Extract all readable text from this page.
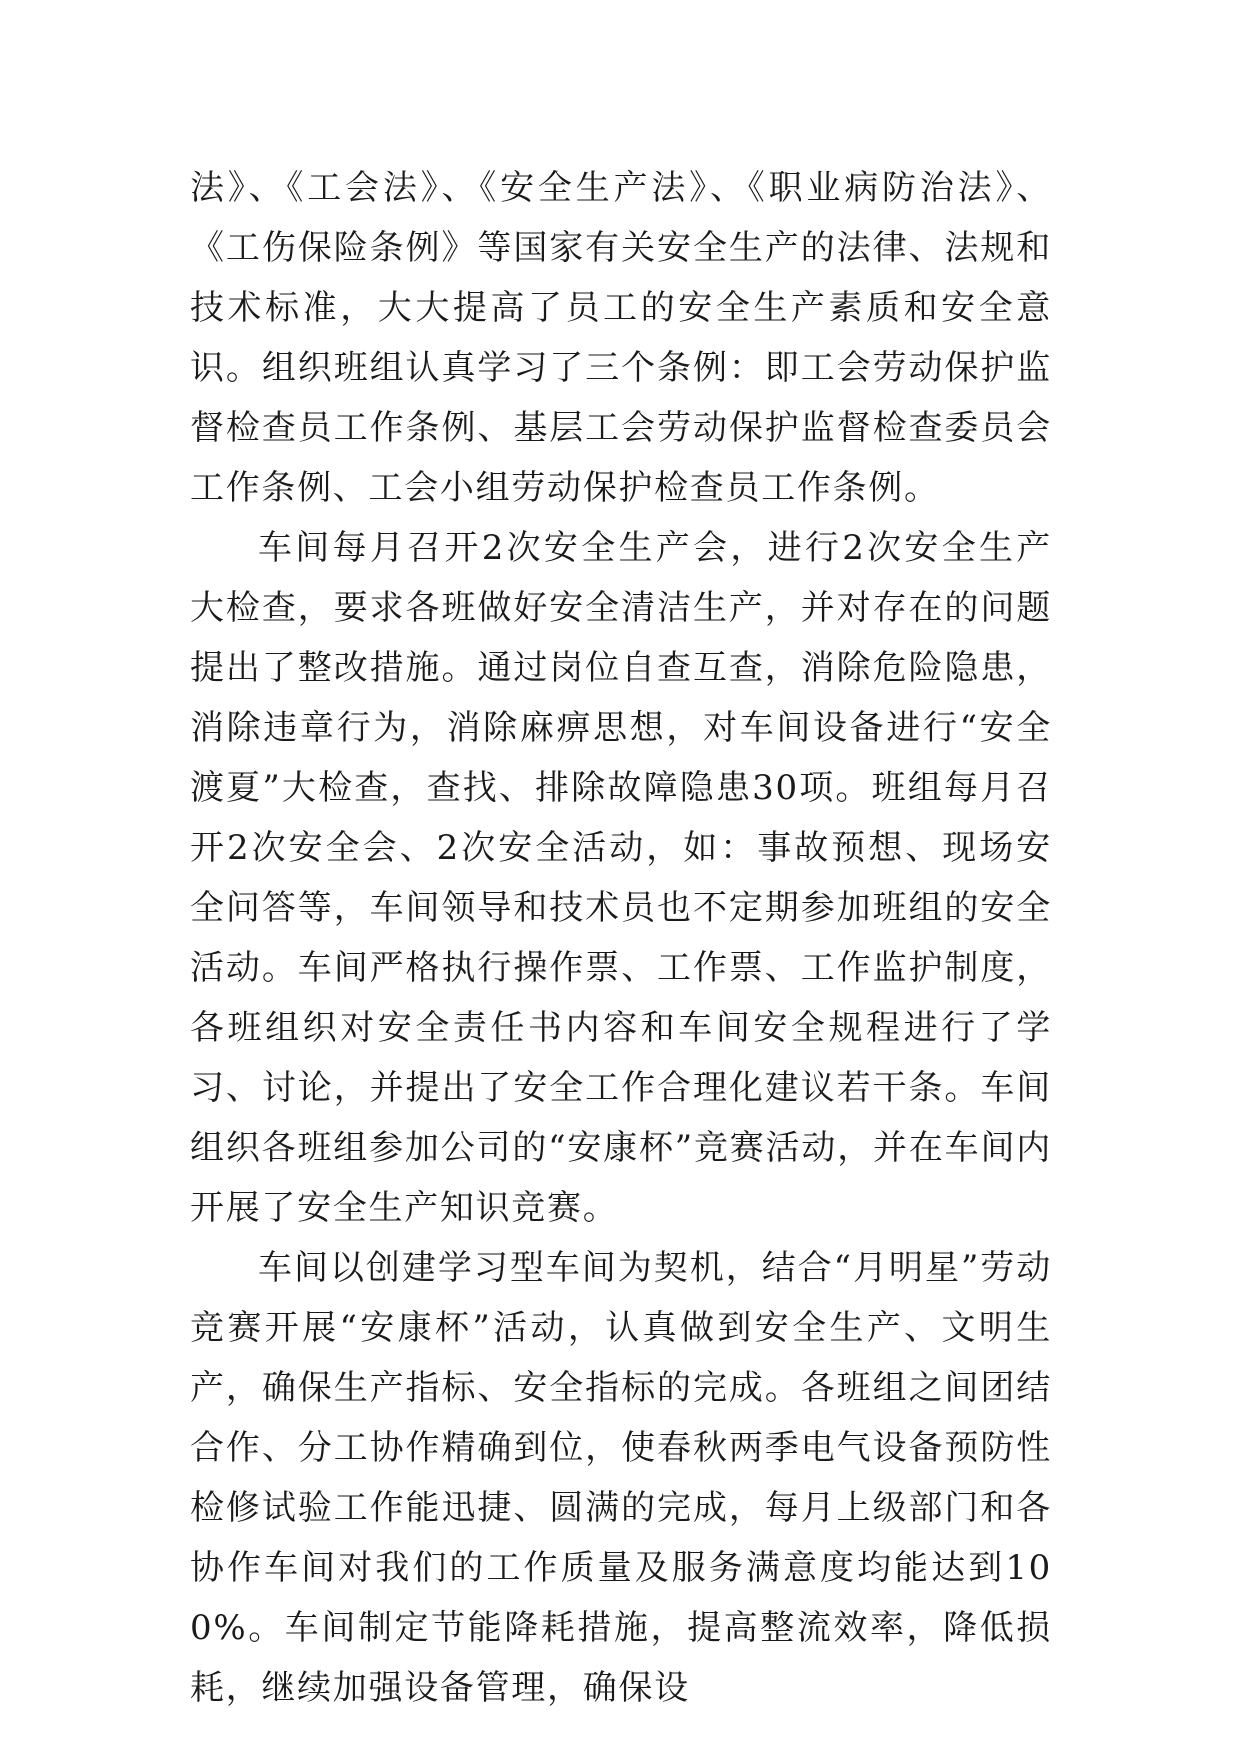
法》、《工会法》、《安全生产法》、《职业病防治法》、《工伤保险条例》等国家有关安全生产的法律、法规和技术标准，大大提高了员工的安全生产素质和安全意识。组织班组认真学习了三个条例：即工会劳动保护监督检查员工作条例、基层工会劳动保护监督检查委员会工作条例、工会小组劳动保护检查员工作条例。

车间每月召开2次安全生产会，进行2次安全生产大检查，要求各班做好安全清洁生产，并对存在的问题提出了整改措施。通过岗位自查互查，消除危险隐患，消除违章行为，消除麻痹思想，对车间设备进行“安全渡夏”大检查，查找、排除故障隐患30项。班组每月召开2次安全会、2次安全活动，如：事故预想、现场安全问答等，车间领导和技术员也不定期参加班组的安全活动。车间严格执行操作票、工作票、工作监护制度，各班组织对安全责任书内容和车间安全规程进行了学习、讨论，并提出了安全工作合理化建议若干条。车间组织各班组参加公司的“安康杯”竞赛活动，并在车间内开展了安全生产知识竞赛。

车间以创建学习型车间为契机，结合“月明星”劳动竞赛开展“安康杯”活动，认真做到安全生产、文明生产，确保生产指标、安全指标的完成。各班组之间团结合作、分工协作精确到位，使春秋两季电气设备预防性检修试验工作能迅捷、圆满的完成，每月上级部门和各协作车间对我们的工作质量及服务满意度均能达到100%。车间制定节能降耗措施，提高整流效率，降低损耗，继续加强设备管理，确保设
